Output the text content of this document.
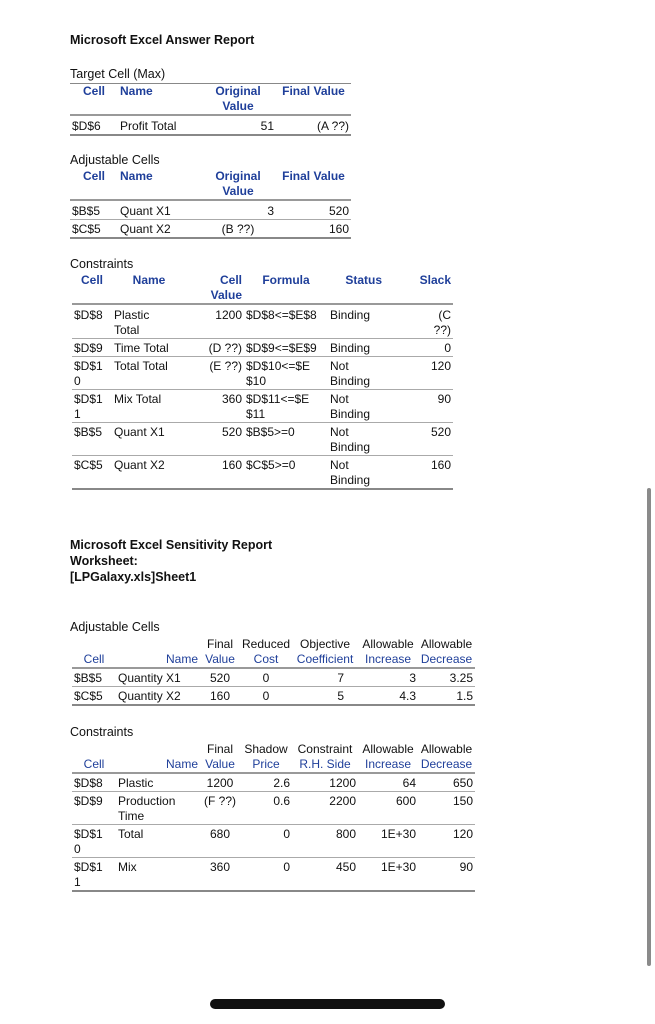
Microsoft Excel Answer Report
Target Cell (Max)
Cell	Name	Original Value	Final Value
$D$6	Profit Total	51	(A ??)
Adjustable Cells
Cell	Name	Original Value	Final Value
$B$5	Quant X1	3	520
$C$5	Quant X2	(B ??)	160
Constraints
Cell	Name	Cell Value	Formula	Status	Slack
$D$8	Plastic Total	1200	$D$8<=$E$8	Binding	(C ??)
$D$9	Time Total	(D ??)	$D$9<=$E$9	Binding	0
$D$10	Total Total	(E ??)	$D$10<=$E$10	Not Binding	120
$D$11	Mix Total	360	$D$11<=$E$11	Not Binding	90
$B$5	Quant X1	520	$B$5>=0	Not Binding	520
$C$5	Quant X2	160	$C$5>=0	Not Binding	160
Microsoft Excel Sensitivity Report
Worksheet:
[LPGalaxy.xls]Sheet1
Adjustable Cells
		Final	Reduced	Objective	Allowable	Allowable
Cell	Name	Value	Cost	Coefficient	Increase	Decrease
$B$5	Quantity X1	520	0	7	3	3.25
$C$5	Quantity X2	160	0	5	4.3	1.5
Constraints
		Final	Shadow	Constraint	Allowable	Allowable
Cell	Name	Value	Price	R.H. Side	Increase	Decrease
$D$8	Plastic	1200	2.6	1200	64	650
$D$9	Production Time	(F ??)	0.6	2200	600	150
$D$10	Total	680	0	800	1E+30	120
$D$11	Mix	360	0	450	1E+30	90
